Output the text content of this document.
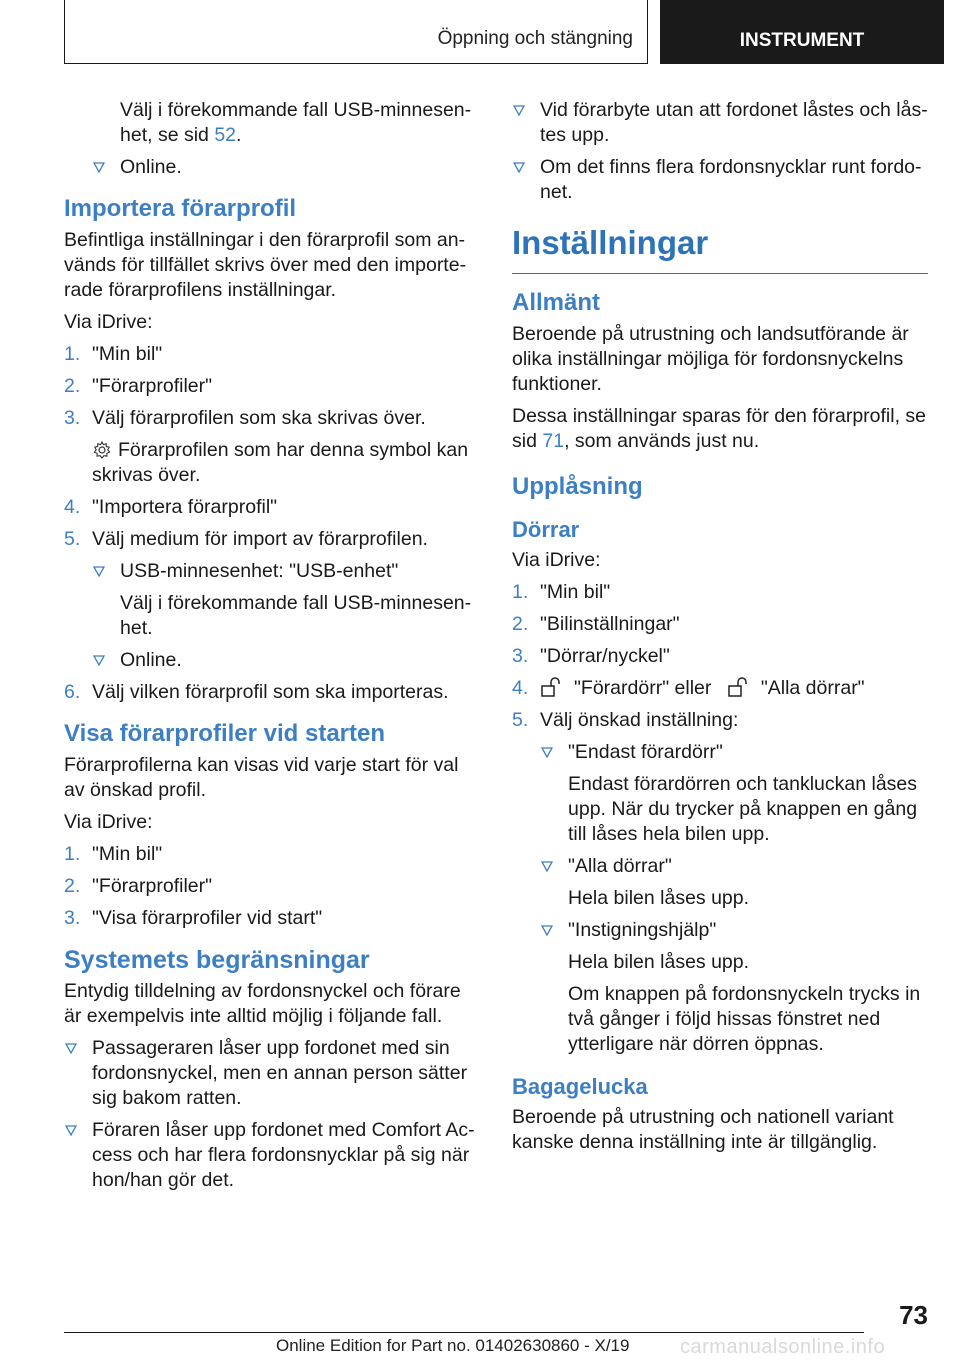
Öppning och stängning	INSTRUMENT

Välj i förekommande fall USB-minnesenhet, se sid 52.

Online.
Importera förarprofil

Befintliga inställningar i den förarprofil som används för tillfället skrivs över med den importerade förarprofilens inställningar.

Via iDrive:

1. "Min bil"
2. "Förarprofiler"
3. Välj förarprofilen som ska skrivas över.

Förarprofilen som har denna symbol kan skrivas över.

4. "Importera förarprofil"
5. Välj medium för import av förarprofilen.
USB-minnesenhet: "USB-enhet"

Välj i förekommande fall USB-minnesenhet.

Online.
6. Välj vilken förarprofil som ska importeras.
Visa förarprofiler vid starten

Förarprofilerna kan visas vid varje start för val av önskad profil.

Via iDrive:

1. "Min bil"
2. "Förarprofiler"
3. "Visa förarprofiler vid start"
Systemets begränsningar

Entydig tilldelning av fordonsnyckel och förare är exempelvis inte alltid möjlig i följande fall.

Passageraren låser upp fordonet med sin fordonsnyckel, men en annan person sätter sig bakom ratten.
Föraren låser upp fordonet med Comfort Access och har flera fordonsnycklar på sig när hon/han gör det.
Vid förarbyte utan att fordonet låstes och låstes upp.
Om det finns flera fordonsnycklar runt fordonet.
Inställningar
Allmänt

Beroende på utrustning och landsutförande är olika inställningar möjliga för fordonsnyckelns funktioner.

Dessa inställningar sparas för den förarprofil, se sid 71, som används just nu.

Upplåsning
Dörrar

Via iDrive:

1. "Min bil"
2. "Bilinställningar"
3. "Dörrar/nyckel"
4. "Förardörr" eller	"Alla dörrar"
5. Välj önskad inställning:
"Endast förardörr"

Endast förardörren och tankluckan låses upp. När du trycker på knappen en gång till låses hela bilen upp.

"Alla dörrar"

Hela bilen låses upp.

"Instigningshjälp"

Hela bilen låses upp.

Om knappen på fordonsnyckeln trycks in två gånger i följd hissas fönstret ned ytterligare när dörren öppnas.

Bagagelucka

Beroende på utrustning och nationell variant kanske denna inställning inte är tillgänglig.

73
Online Edition for Part no. 01402630860 - X/19	carmanualsonline.info
